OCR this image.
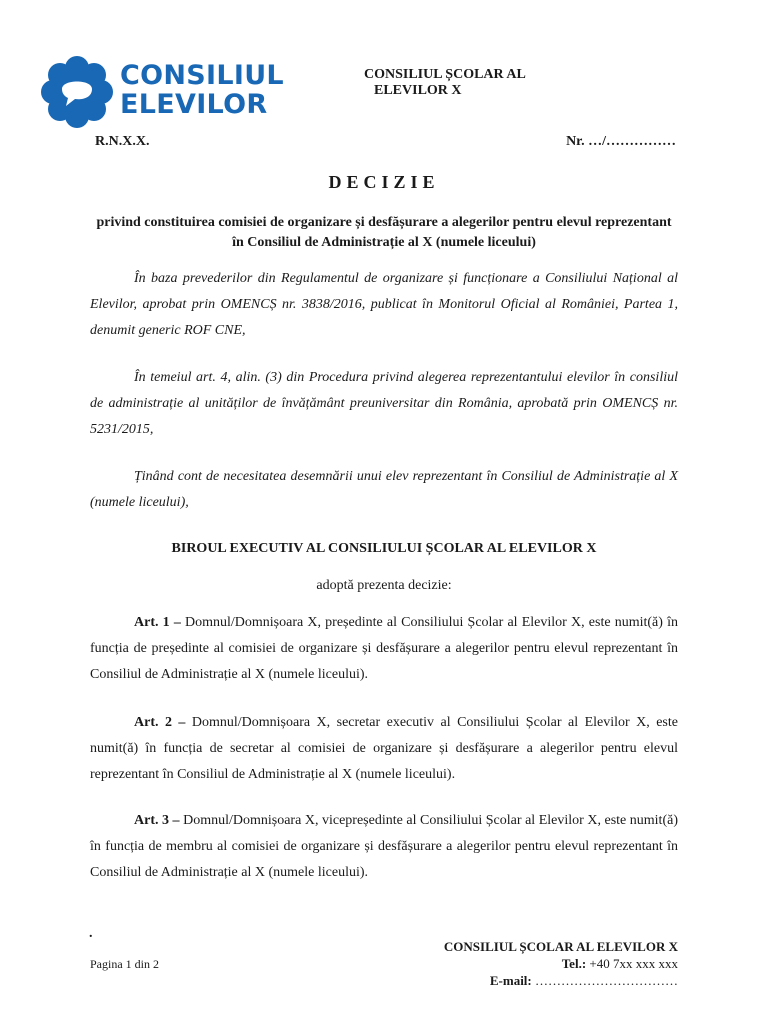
CONSILIUL
ELEVILOR
CONSILIUL ȘCOLAR AL
ELEVILOR X
R.N.X.X.	Nr. …/……………
DECIZIE
privind constituirea comisiei de organizare și desfășurare a alegerilor pentru elevul reprezentant în Consiliul de Administrație al X (numele liceului)

În baza prevederilor din Regulamentul de organizare și funcționare a Consiliului Național al Elevilor, aprobat prin OMENCȘ nr. 3838/2016, publicat în Monitorul Oficial al României, Partea 1, denumit generic ROF CNE,

În temeiul art. 4, alin. (3) din Procedura privind alegerea reprezentantului elevilor în consiliul de administrație al unităților de învățământ preuniversitar din România, aprobată prin OMENCȘ nr. 5231/2015,

Ținând cont de necesitatea desemnării unui elev reprezentant în Consiliul de Administrație al X (numele liceului),

BIROUL EXECUTIV AL CONSILIULUI ȘCOLAR AL ELEVILOR X
adoptă prezenta decizie:

Art. 1 – Domnul/Domnișoara X, președinte al Consiliului Școlar al Elevilor X, este numit(ă) în funcția de președinte al comisiei de organizare și desfășurare a alegerilor pentru elevul reprezentant în Consiliul de Administrație al X (numele liceului).

Art. 2 – Domnul/Domnișoara X, secretar executiv al Consiliului Școlar al Elevilor X, este numit(ă) în funcția de secretar al comisiei de organizare și desfășurare a alegerilor pentru elevul reprezentant în Consiliul de Administrație al X (numele liceului).

Art. 3 – Domnul/Domnișoara X, vicepreședinte al Consiliului Școlar al Elevilor X, este numit(ă) în funcția de membru al comisiei de organizare și desfășurare a alegerilor pentru elevul reprezentant în Consiliul de Administrație al X (numele liceului).

.
Pagina 1 din 2
CONSILIUL ȘCOLAR AL ELEVILOR X
Tel.: +40 7xx xxx xxx
E-mail: ……………………………
